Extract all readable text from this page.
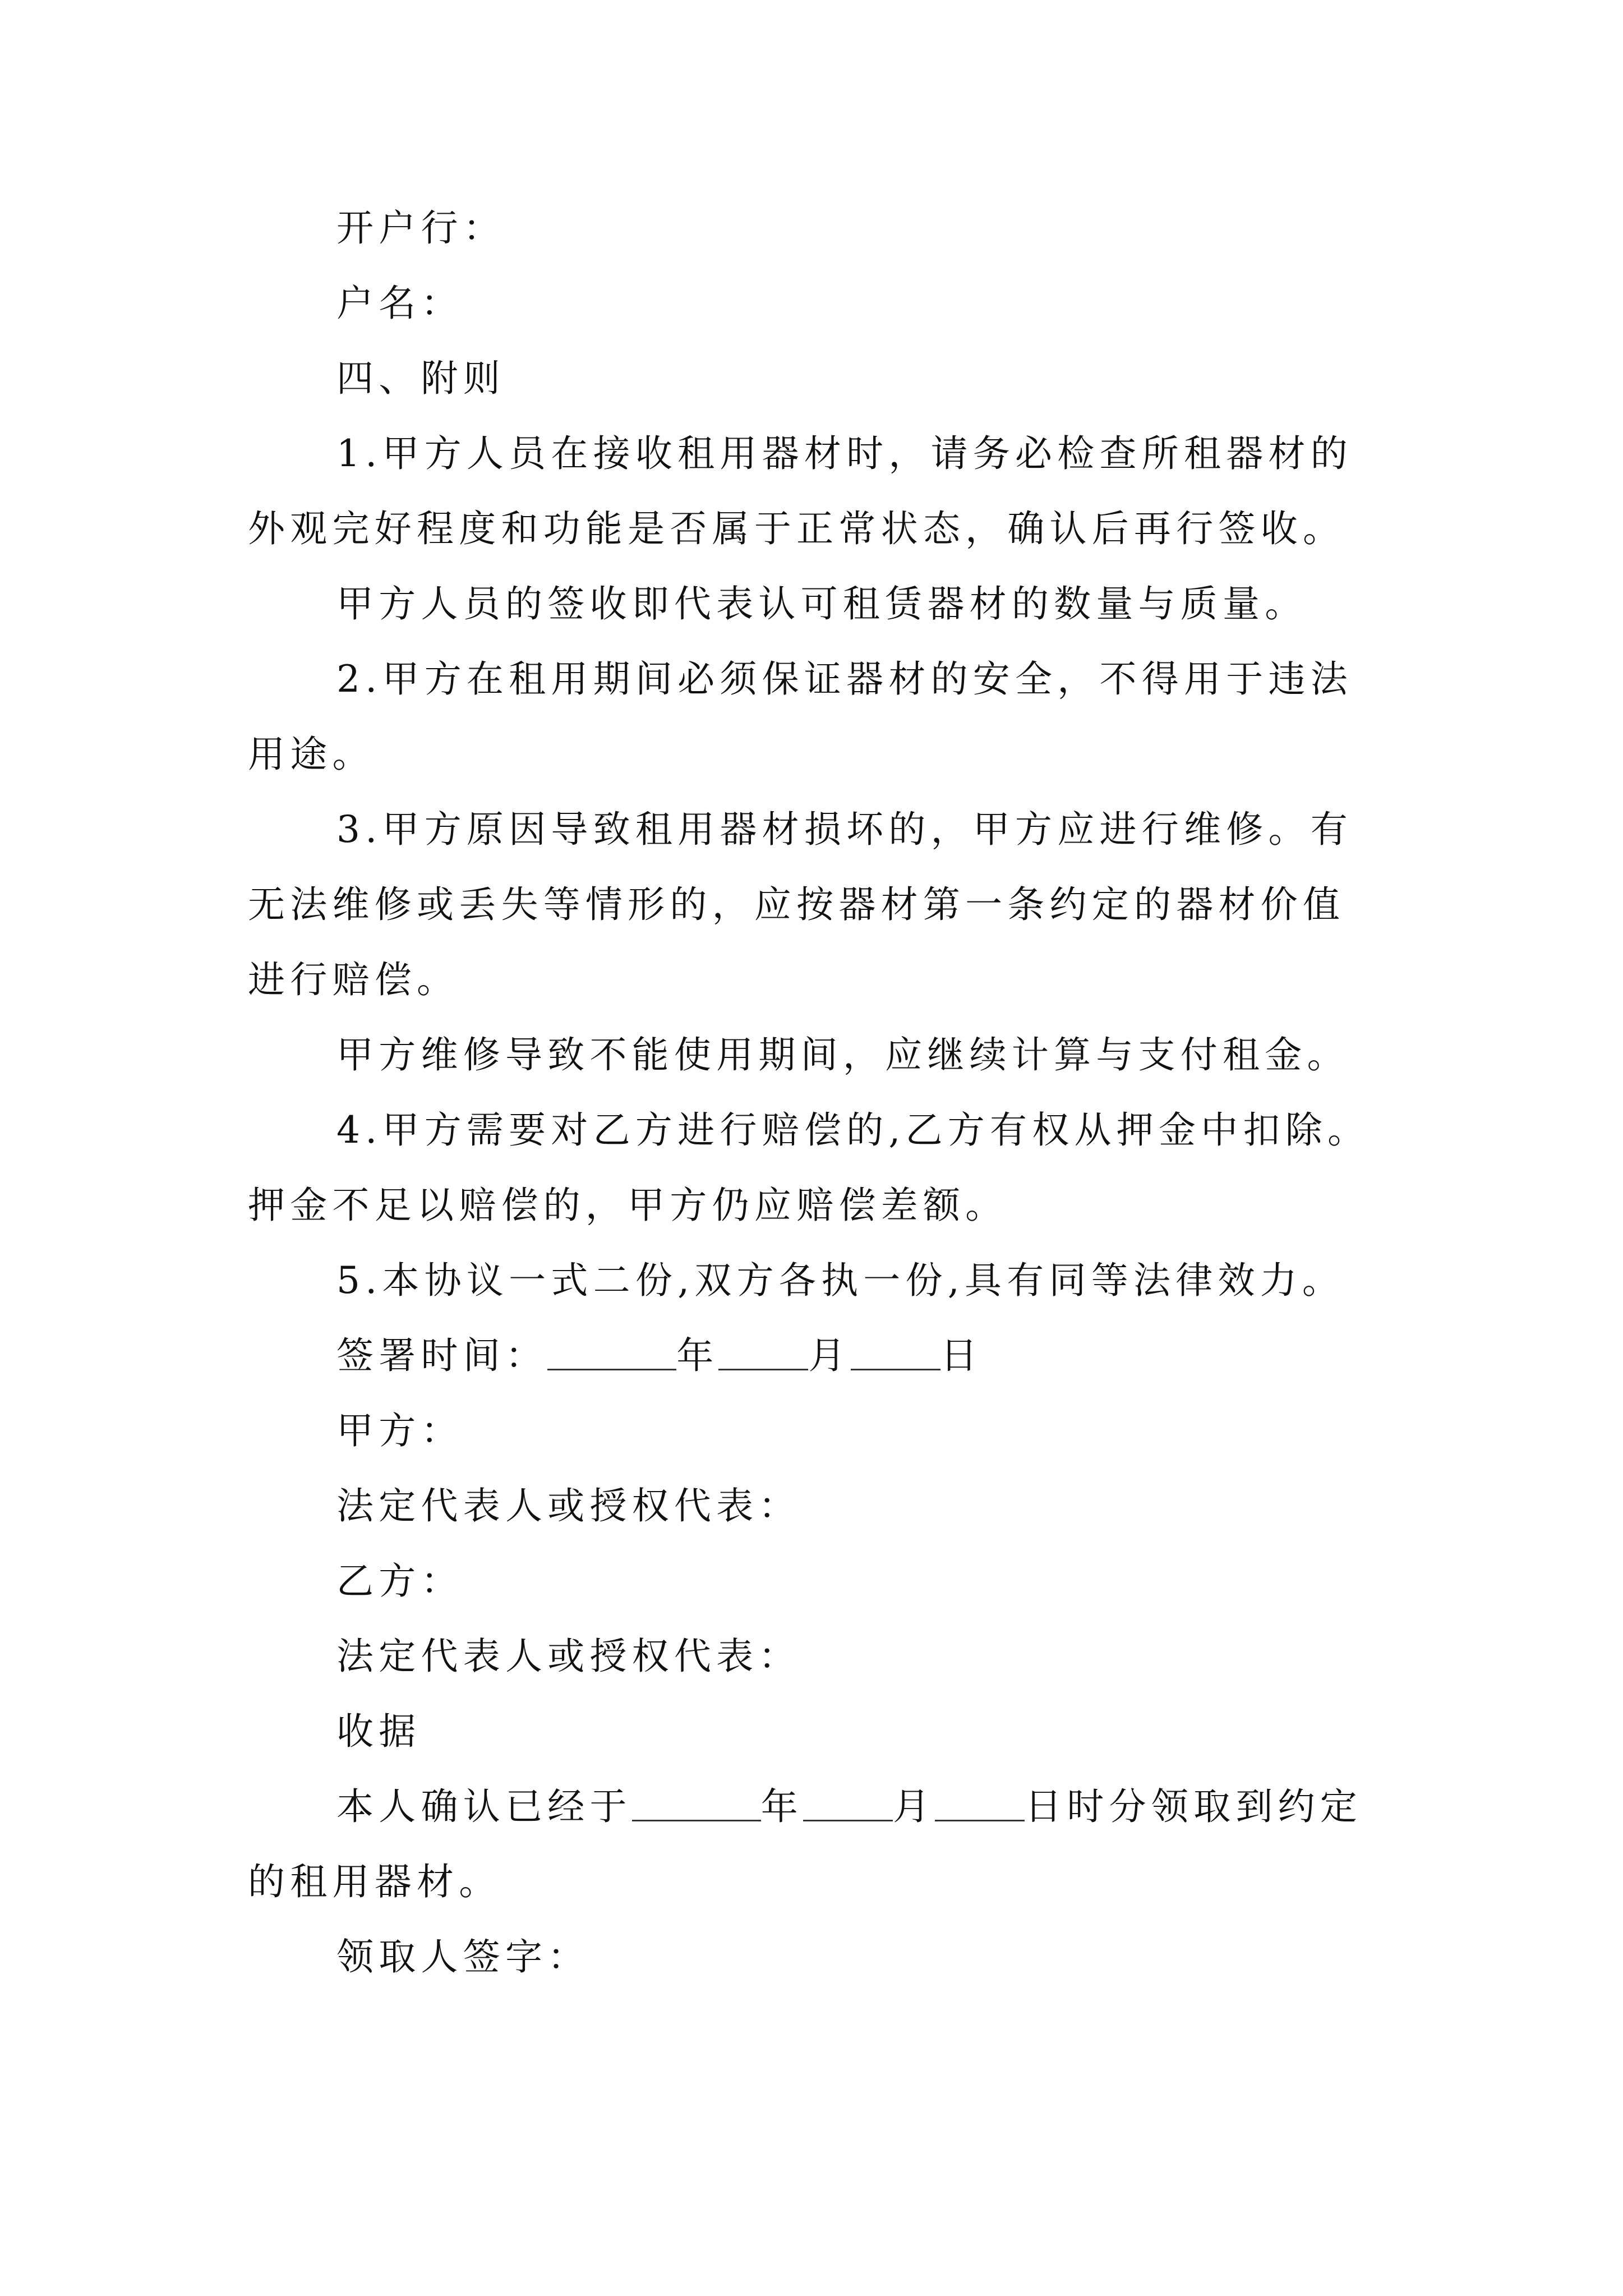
开户行：

户名：

四、附则

1.甲方人员在接收租用器材时，请务必检查所租器材的外观完好程度和功能是否属于正常状态，确认后再行签收。

甲方人员的签收即代表认可租赁器材的数量与质量。

2.甲方在租用期间必须保证器材的安全，不得用于违法用途。

3.甲方原因导致租用器材损坏的，甲方应进行维修。有无法维修或丢失等情形的，应按器材第一条约定的器材价值进行赔偿。

甲方维修导致不能使用期间，应继续计算与支付租金。

4.甲方需要对乙方进行赔偿的,乙方有权从押金中扣除。押金不足以赔偿的，甲方仍应赔偿差额。

5.本协议一式二份,双方各执一份,具有同等法律效力。

签署时间：	年 月 日

甲方：

法定代表人或授权代表：

乙方：

法定代表人或授权代表：

收据

本人确认已经于	年 月 日时分领取到约定的租用器材。

领取人签字：
